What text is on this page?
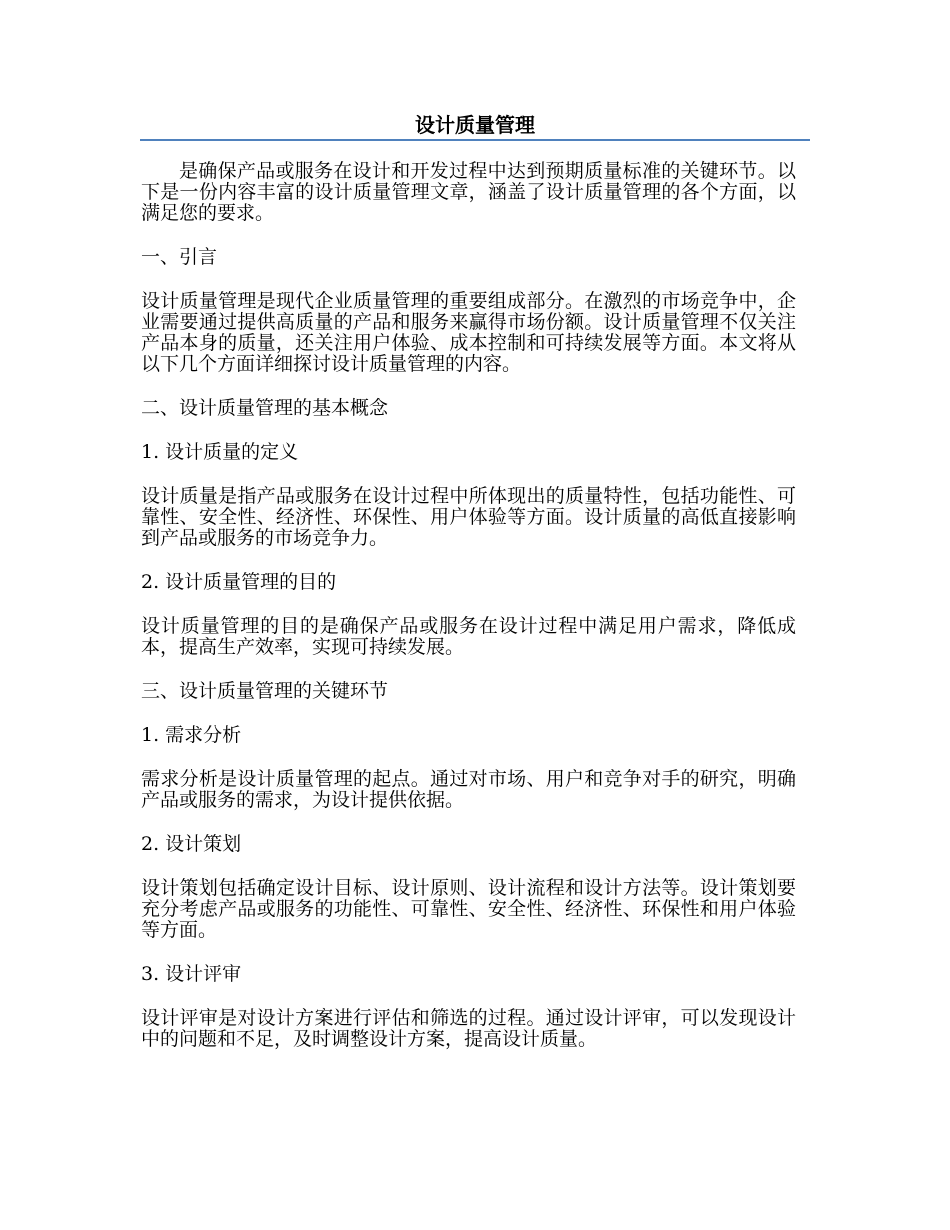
设计质量管理
是确保产品或服务在设计和开发过程中达到预期质量标准的关键环节。以下是一份内容丰富的设计质量管理文章，涵盖了设计质量管理的各个方面，以满足您的要求。
一、引言
设计质量管理是现代企业质量管理的重要组成部分。在激烈的市场竞争中，企业需要通过提供高质量的产品和服务来赢得市场份额。设计质量管理不仅关注产品本身的质量，还关注用户体验、成本控制和可持续发展等方面。本文将从以下几个方面详细探讨设计质量管理的内容。
二、设计质量管理的基本概念
1. 设计质量的定义
设计质量是指产品或服务在设计过程中所体现出的质量特性，包括功能性、可靠性、安全性、经济性、环保性、用户体验等方面。设计质量的高低直接影响到产品或服务的市场竞争力。
2. 设计质量管理的目的
设计质量管理的目的是确保产品或服务在设计过程中满足用户需求，降低成本，提高生产效率，实现可持续发展。
三、设计质量管理的关键环节
1. 需求分析
需求分析是设计质量管理的起点。通过对市场、用户和竞争对手的研究，明确产品或服务的需求，为设计提供依据。
2. 设计策划
设计策划包括确定设计目标、设计原则、设计流程和设计方法等。设计策划要充分考虑产品或服务的功能性、可靠性、安全性、经济性、环保性和用户体验等方面。
3. 设计评审
设计评审是对设计方案进行评估和筛选的过程。通过设计评审，可以发现设计中的问题和不足，及时调整设计方案，提高设计质量。
